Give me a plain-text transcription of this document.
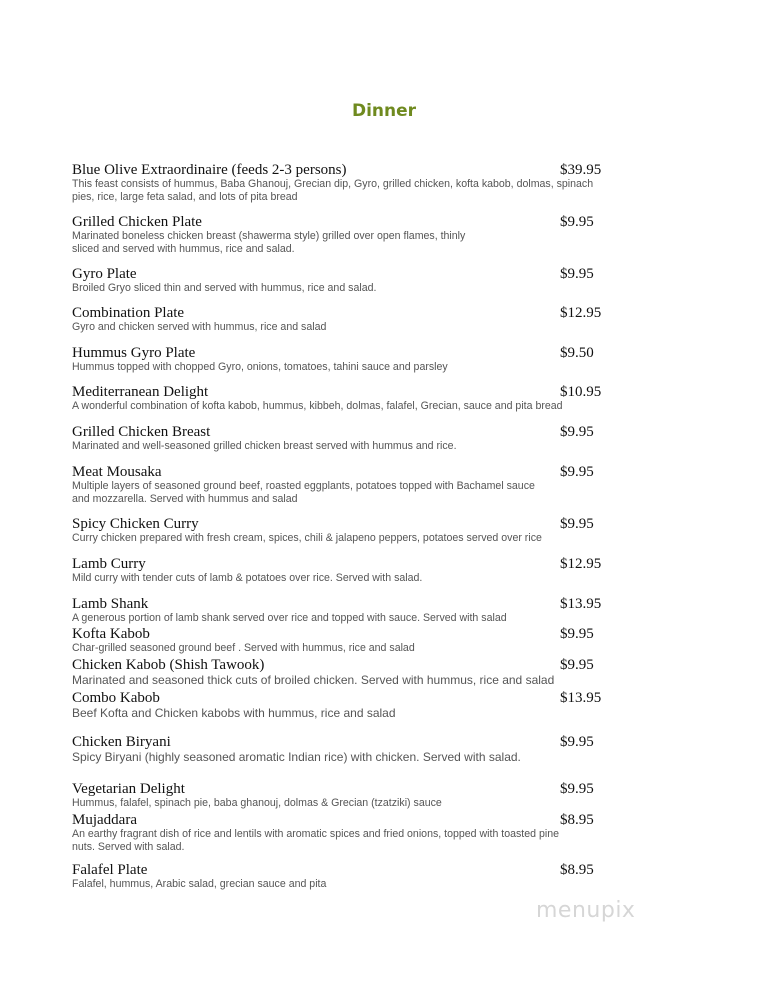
Dinner
Blue Olive Extraordinaire (feeds 2-3 persons)	$39.95
This feast consists of hummus, Baba Ghanouj, Grecian dip, Gyro, grilled chicken, kofta kabob, dolmas, spinach pies, rice, large feta salad, and lots of pita bread
Grilled Chicken Plate	$9.95
Marinated boneless chicken breast (shawerma style) grilled over open flames, thinly sliced and served with hummus, rice and salad.
Gyro Plate	$9.95
Broiled Gryo sliced thin and served with hummus, rice and salad.
Combination Plate	$12.95
Gyro and chicken served with hummus, rice and salad
Hummus Gyro Plate	$9.50
Hummus topped with chopped Gyro, onions, tomatoes, tahini sauce and parsley
Mediterranean Delight	$10.95
A wonderful combination of kofta kabob, hummus, kibbeh, dolmas, falafel, Grecian, sauce and pita bread
Grilled Chicken Breast	$9.95
Marinated and well-seasoned grilled chicken breast served with hummus and rice.
Meat Mousaka	$9.95
Multiple layers of seasoned ground beef, roasted eggplants, potatoes topped with Bachamel sauce and mozzarella. Served with hummus and salad
Spicy Chicken Curry	$9.95
Curry chicken prepared with fresh cream, spices, chili & jalapeno peppers, potatoes served over rice
Lamb Curry	$12.95
Mild curry with tender cuts of lamb & potatoes over rice. Served with salad.
Lamb Shank	$13.95
A generous portion of lamb shank served over rice and topped with sauce. Served with salad
Kofta Kabob	$9.95
Char-grilled seasoned ground beef . Served with hummus, rice and salad
Chicken Kabob (Shish Tawook)	$9.95
Marinated and seasoned thick cuts of broiled chicken. Served with hummus, rice and salad
Combo Kabob	$13.95
Beef Kofta and Chicken kabobs with hummus, rice and salad
Chicken Biryani	$9.95
Spicy Biryani (highly seasoned aromatic Indian rice) with chicken. Served with salad.
Vegetarian Delight	$9.95
Hummus, falafel, spinach pie, baba ghanouj, dolmas & Grecian (tzatziki) sauce
Mujaddara	$8.95
An earthy fragrant dish of rice and lentils with aromatic spices and fried onions, topped with toasted pine nuts. Served with salad.
Falafel Plate	$8.95
Falafel, hummus, Arabic salad, grecian sauce and pita
menupix
